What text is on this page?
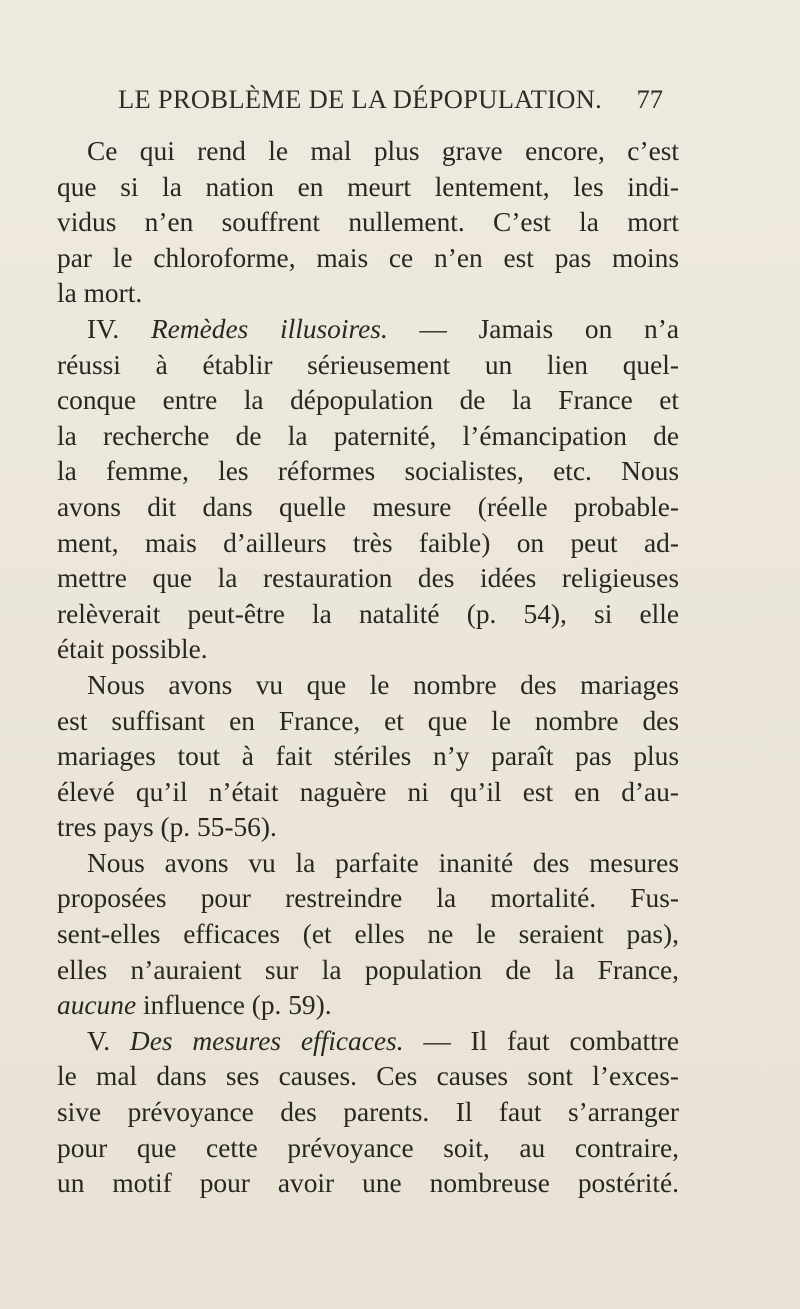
LE PROBLÈME DE LA DÉPOPULATION. 77
Ce qui rend le mal plus grave encore, c’est
que si la nation en meurt lentement, les indi-
vidus n’en souffrent nullement. C’est la mort
par le chloroforme, mais ce n’en est pas moins
la mort.
IV. Remèdes illusoires. — Jamais on n’a
réussi à établir sérieusement un lien quel-
conque entre la dépopulation de la France et
la recherche de la paternité, l’émancipation de
la femme, les réformes socialistes, etc. Nous
avons dit dans quelle mesure (réelle probable-
ment, mais d’ailleurs très faible) on peut ad-
mettre que la restauration des idées religieuses
relèverait peut-être la natalité (p. 54), si elle
était possible.
Nous avons vu que le nombre des mariages
est suffisant en France, et que le nombre des
mariages tout à fait stériles n’y paraît pas plus
élevé qu’il n’était naguère ni qu’il est en d’au-
tres pays (p. 55-56).
Nous avons vu la parfaite inanité des mesures
proposées pour restreindre la mortalité. Fus-
sent-elles efficaces (et elles ne le seraient pas),
elles n’auraient sur la population de la France,
aucune influence (p. 59).
V. Des mesures efficaces. — Il faut combattre
le mal dans ses causes. Ces causes sont l’exces-
sive prévoyance des parents. Il faut s’arranger
pour que cette prévoyance soit, au contraire,
un motif pour avoir une nombreuse postérité.
